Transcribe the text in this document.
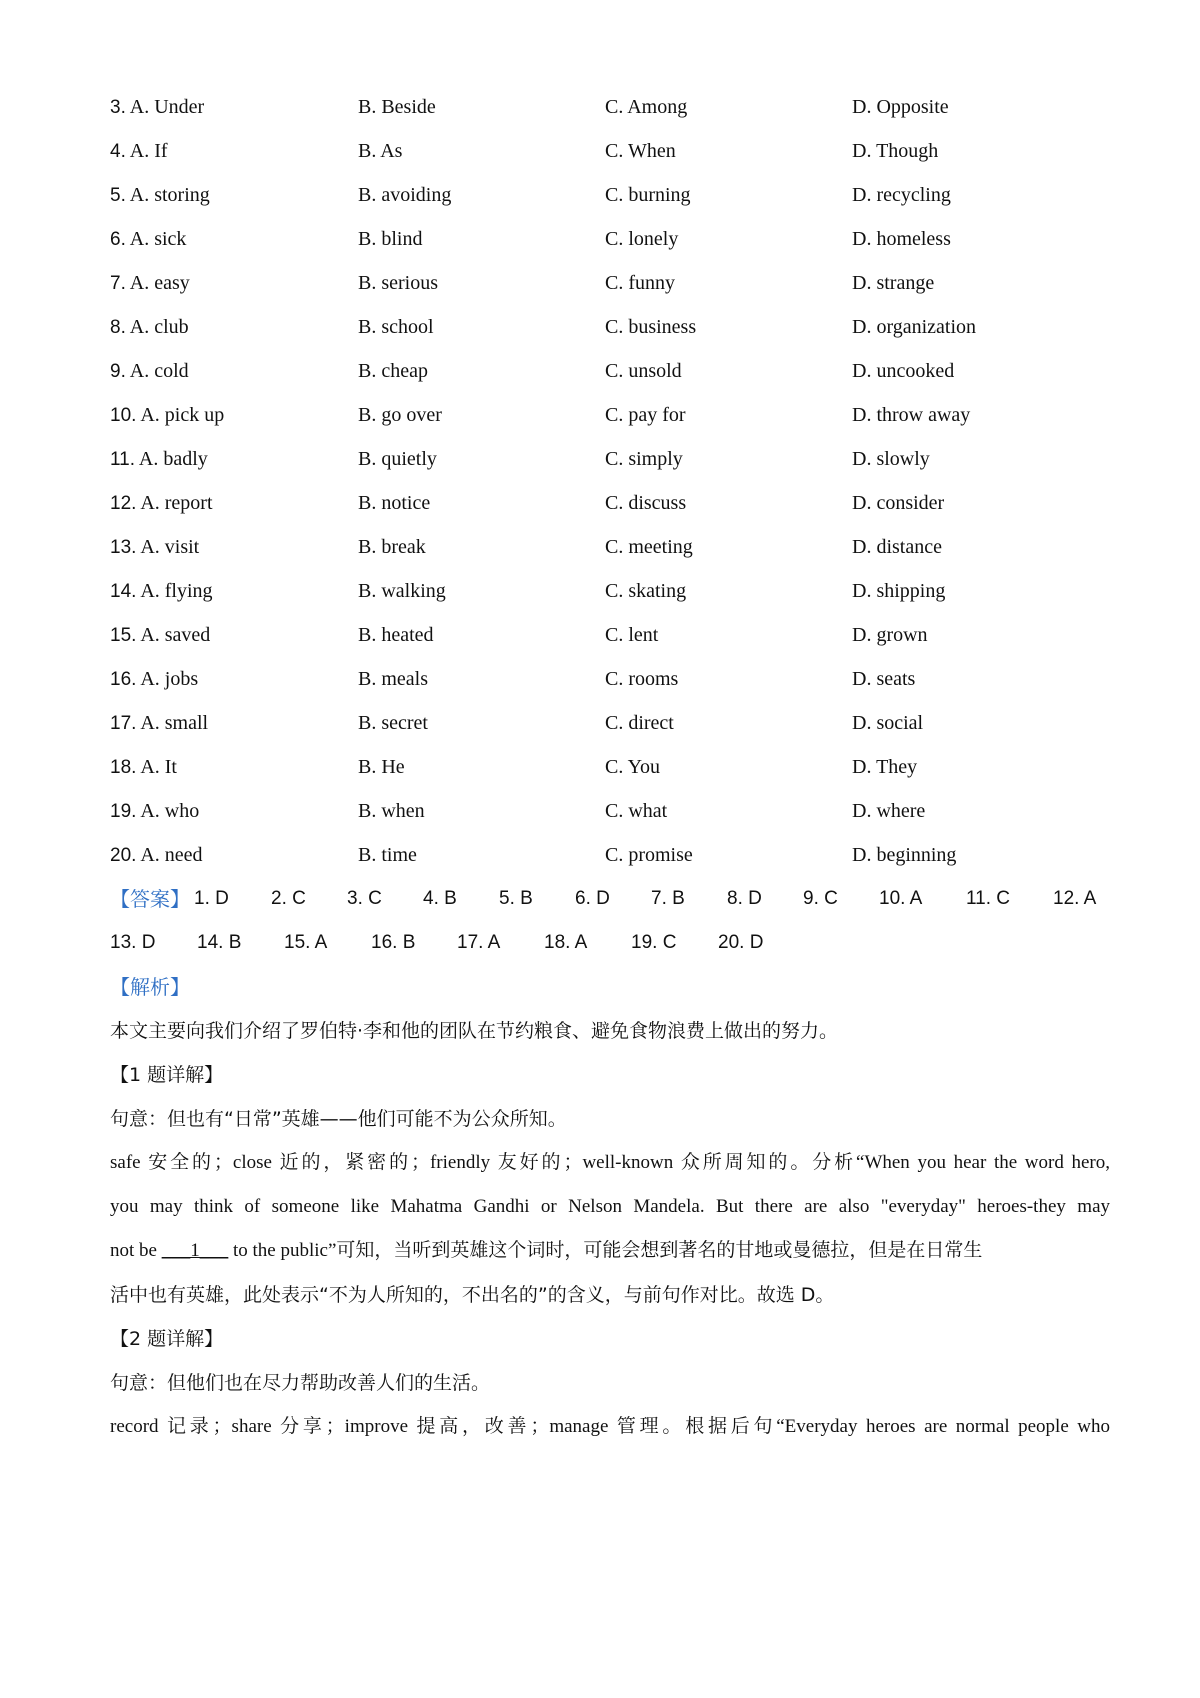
3. A. Under	B. Beside	C. Among	D. Opposite
4. A. If	B. As	C. When	D. Though
5. A. storing	B. avoiding	C. burning	D. recycling
6. A. sick	B. blind	C. lonely	D. homeless
7. A. easy	B. serious	C. funny	D. strange
8. A. club	B. school	C. business	D. organization
9. A. cold	B. cheap	C. unsold	D. uncooked
10. A. pick up	B. go over	C. pay for	D. throw away
11. A. badly	B. quietly	C. simply	D. slowly
12. A. report	B. notice	C. discuss	D. consider
13. A. visit	B. break	C. meeting	D. distance
14. A. flying	B. walking	C. skating	D. shipping
15. A. saved	B. heated	C. lent	D. grown
16. A. jobs	B. meals	C. rooms	D. seats
17. A. small	B. secret	C. direct	D. social
18. A. It	B. He	C. You	D. They
19. A. who	B. when	C. what	D. where
20. A. need	B. time	C. promise	D. beginning
【答案】 1. D 2. C 3. C 4. B 5. B 6. D 7. B 8. D 9. C 10. A 11. C 12. A
13. D 14. B 15. A 16. B 17. A 18. A 19. C 20. D
【解析】
本文主要向我们介绍了罗伯特·李和他的团队在节约粮食、避免食物浪费上做出的努力。
【1 题详解】
句意：但也有“日常”英雄——他们可能不为公众所知。
safe 安全的；close 近的，紧密的；friendly 友好的；well-known 众所周知的。分析“When you hear the word hero,
you may think of someone like Mahatma Gandhi or Nelson Mandela. But there are also "everyday" heroes-they may
not be ___1___ to the public”可知，当听到英雄这个词时，可能会想到著名的甘地或曼德拉，但是在日常生
活中也有英雄，此处表示“不为人所知的，不出名的”的含义，与前句作对比。故选 D。
【2 题详解】
句意：但他们也在尽力帮助改善人们的生活。
record 记录；share 分享；improve 提高，改善；manage 管理。根据后句“Everyday heroes are normal people who
